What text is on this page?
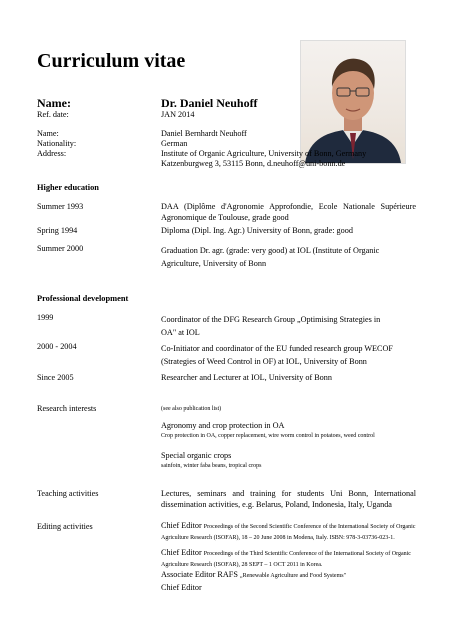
Curriculum vitae
Name:	Dr. Daniel Neuhoff
Ref. date:	JAN 2014
Name:	Daniel Bernhardt Neuhoff
Nationality:	German
Address:	Institute of Organic Agriculture, University of Bonn, Germany
Katzenburgweg 3, 53115 Bonn, d.neuhoff@uni-bonn.de
Higher education
Summer 1993	DAA (Diplôme d'Agronomie Approfondie, Ecole Nationale Supérieure Agronomique de Toulouse, grade good
Spring 1994	Diploma (Dipl. Ing. Agr.) University of Bonn, grade: good
Summer 2000	Graduation Dr. agr. (grade: very good) at IOL (Institute of Organic Agriculture, University of Bonn
Professional development
1999	Coordinator of the DFG Research Group „Optimising Strategies in OA" at IOL
2000 - 2004	Co-Initiator and coordinator of the EU funded research group WECOF (Strategies of Weed Control in OF) at IOL, University of Bonn
Since 2005	Researcher and Lecturer at IOL, University of Bonn
Research interests	(see also publication list)
Agronomy and crop protection in OA
Crop protection in OA, copper replacement, wire worm control in potatoes, weed control
Special organic crops
sainfoin, winter faba beans, tropical crops
Teaching activities	Lectures, seminars and training for students Uni Bonn, International dissemination activities, e.g. Belarus, Poland, Indonesia, Italy, Uganda
Editing activities	Chief Editor Proceedings of the Second Scientific Conference of the International Society of Organic Agriculture Research (ISOFAR), 18 – 20 June 2008 in Modena, Italy. ISBN: 978-3-03736-023-1.
Chief Editor Proceedings of the Third Scientific Conference of the International Society of Organic Agriculture Research (ISOFAR), 28 SEPT – 1 OCT 2011 in Korea.
Associate Editor RAFS „Renewable Agriculture and Food Systems"
Chief Editor
